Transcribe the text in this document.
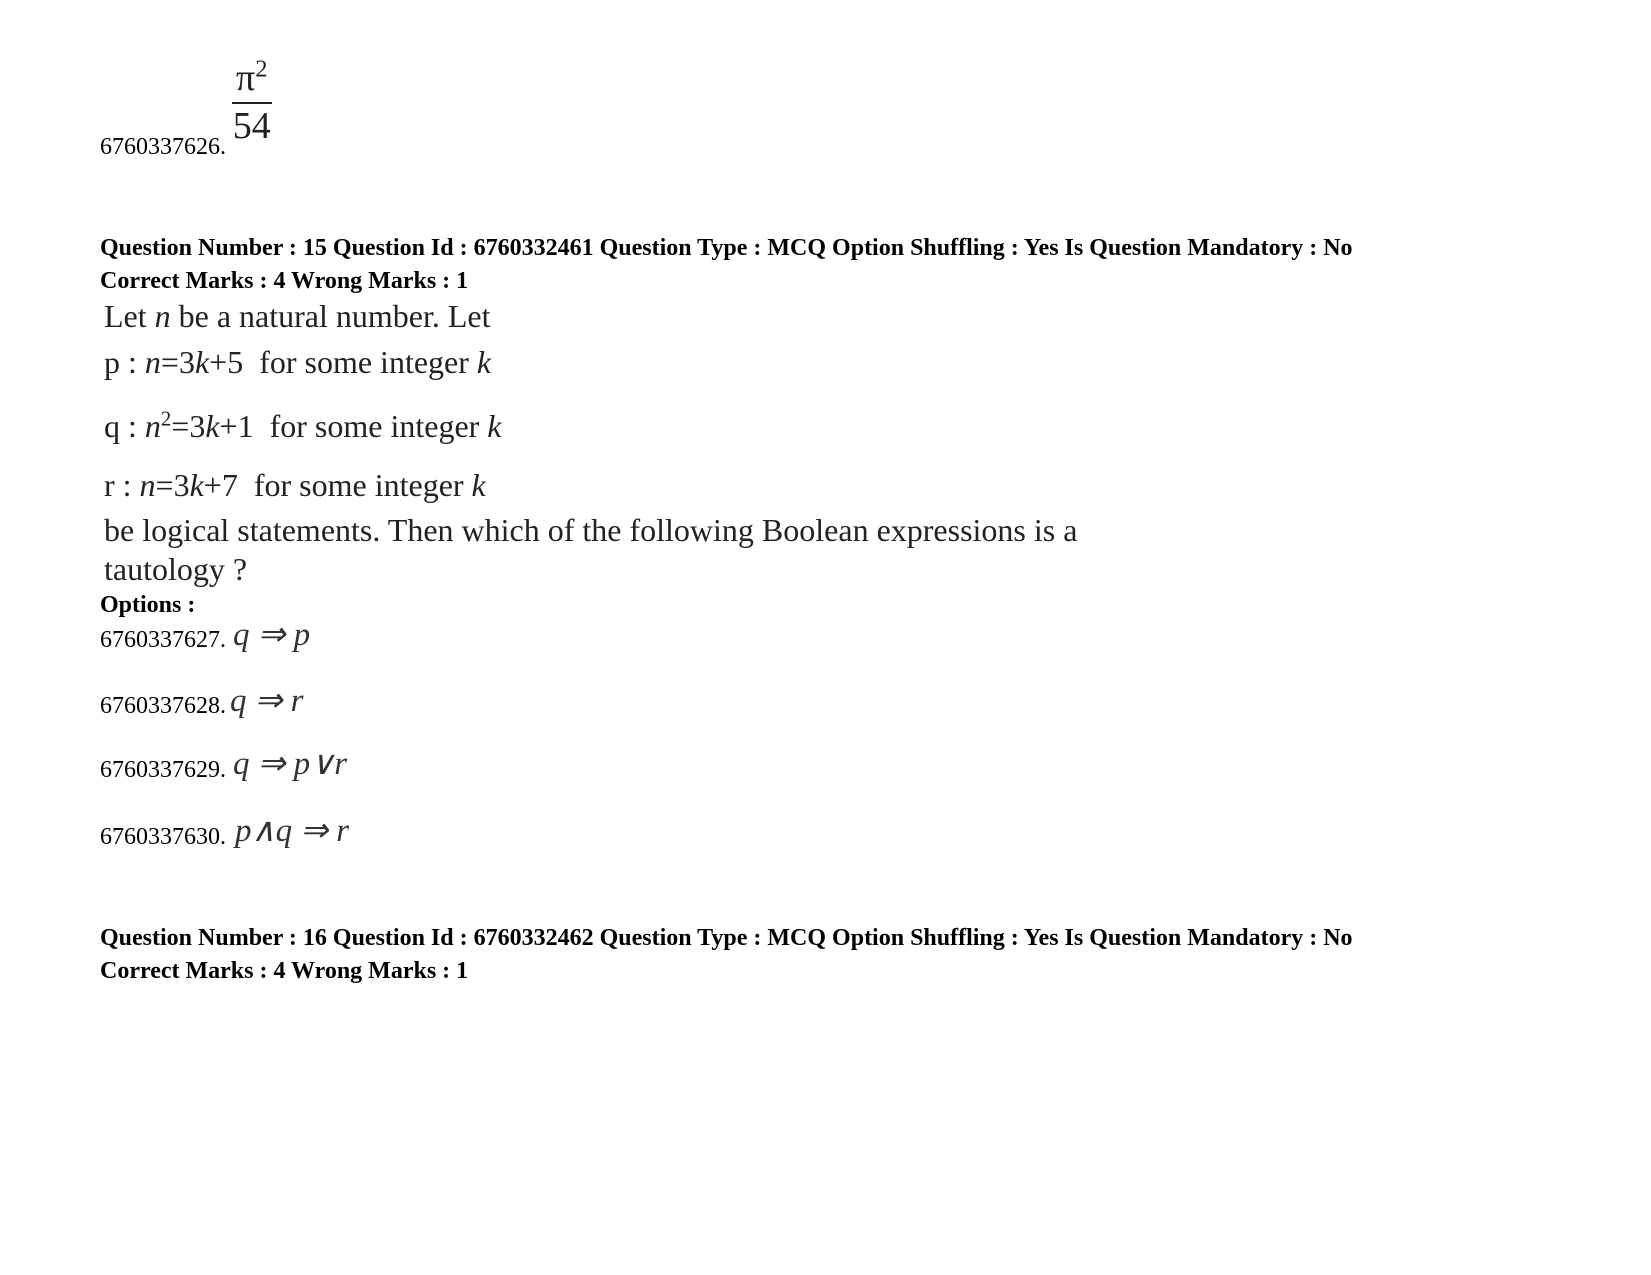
6760337626. $\frac{\pi^2}{54}$
Question Number : 15 Question Id : 6760332461 Question Type : MCQ Option Shuffling : Yes Is Question Mandatory : No
Correct Marks : 4 Wrong Marks : 1
Let n be a natural number. Let
p : n=3k+5 for some integer k
q : $n^2=3k+1$ for some integer k
r : n=3k+7 for some integer k
be logical statements. Then which of the following Boolean expressions is a
tautology ?
Options :
6760337627. q ⇒ p
6760337628. q ⇒ r
6760337629. q ⇒ p∨r
6760337630. p∧q ⇒ r
Question Number : 16 Question Id : 6760332462 Question Type : MCQ Option Shuffling : Yes Is Question Mandatory : No
Correct Marks : 4 Wrong Marks : 1
